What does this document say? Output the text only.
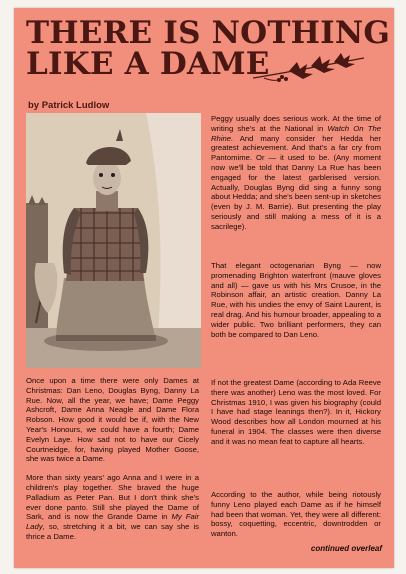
THERE IS NOTHING
LIKE A DAME
by Patrick Ludlow

Peggy usually does serious work. At the time of writing she's at the National in Watch On The Rhine. And many consider her Hedda her greatest achievement. And that's a far cry from Pantomime. Or — it used to be. (Any moment now we'll be told that Danny La Rue has been engaged for the latest garblerised version. Actually, Douglas Byng did sing a funny song about Hedda; and she's been sent-up in sketches (even by J. M. Barrie). But presenting the play seriously and still making a mess of it is a sacrilege).

That elegant octogenarian Byng — now promenading Brighton waterfront (mauve gloves and all) — gave us with his Mrs Crusoe, in the Robinson affair, an artistic creation. Danny La Rue, with his undies the envy of Saint Laurent, is real drag. And his humour broader, appealing to a wider public. Two brilliant performers, they can both be compared to Dan Leno.

Once upon a time there were only Dames at Christmas: Dan Leno, Douglas Byng, Danny La Rue. Now, all the year, we have; Dame Peggy Ashcroft, Dame Anna Neagle and Dame Flora Robson. How good it would be if, with the New Year's Honours, we could have a fourth; Dame Evelyn Laye. How sad not to have our Cicely Courtneidge, for, having played Mother Goose, she was twice a Dame.

More than sixty years' ago Anna and I were in a children's play together. She braved the huge Palladium as Peter Pan. But I don't think she's ever done panto. Still she played the Dame of Sark, and is now the Grande Dame in My Fair Lady, so, stretching it a bit, we can say she is thrice a Dame.

If not the greatest Dame (according to Ada Reeve there was another) Leno was the most loved. For Christmas 1910, I was given his biography (could I have had stage leanings then?). In it, Hickory Wood describes how all London mourned at his funeral in 1904. The classes were then diverse and it was no mean feat to capture all hearts.

According to the author, while being riotously funny Leno played each Dame as if he himself had been that woman. Yet, they were all different: bossy, coquetting, eccentric, downtrodden or wanton.

continued overleaf
